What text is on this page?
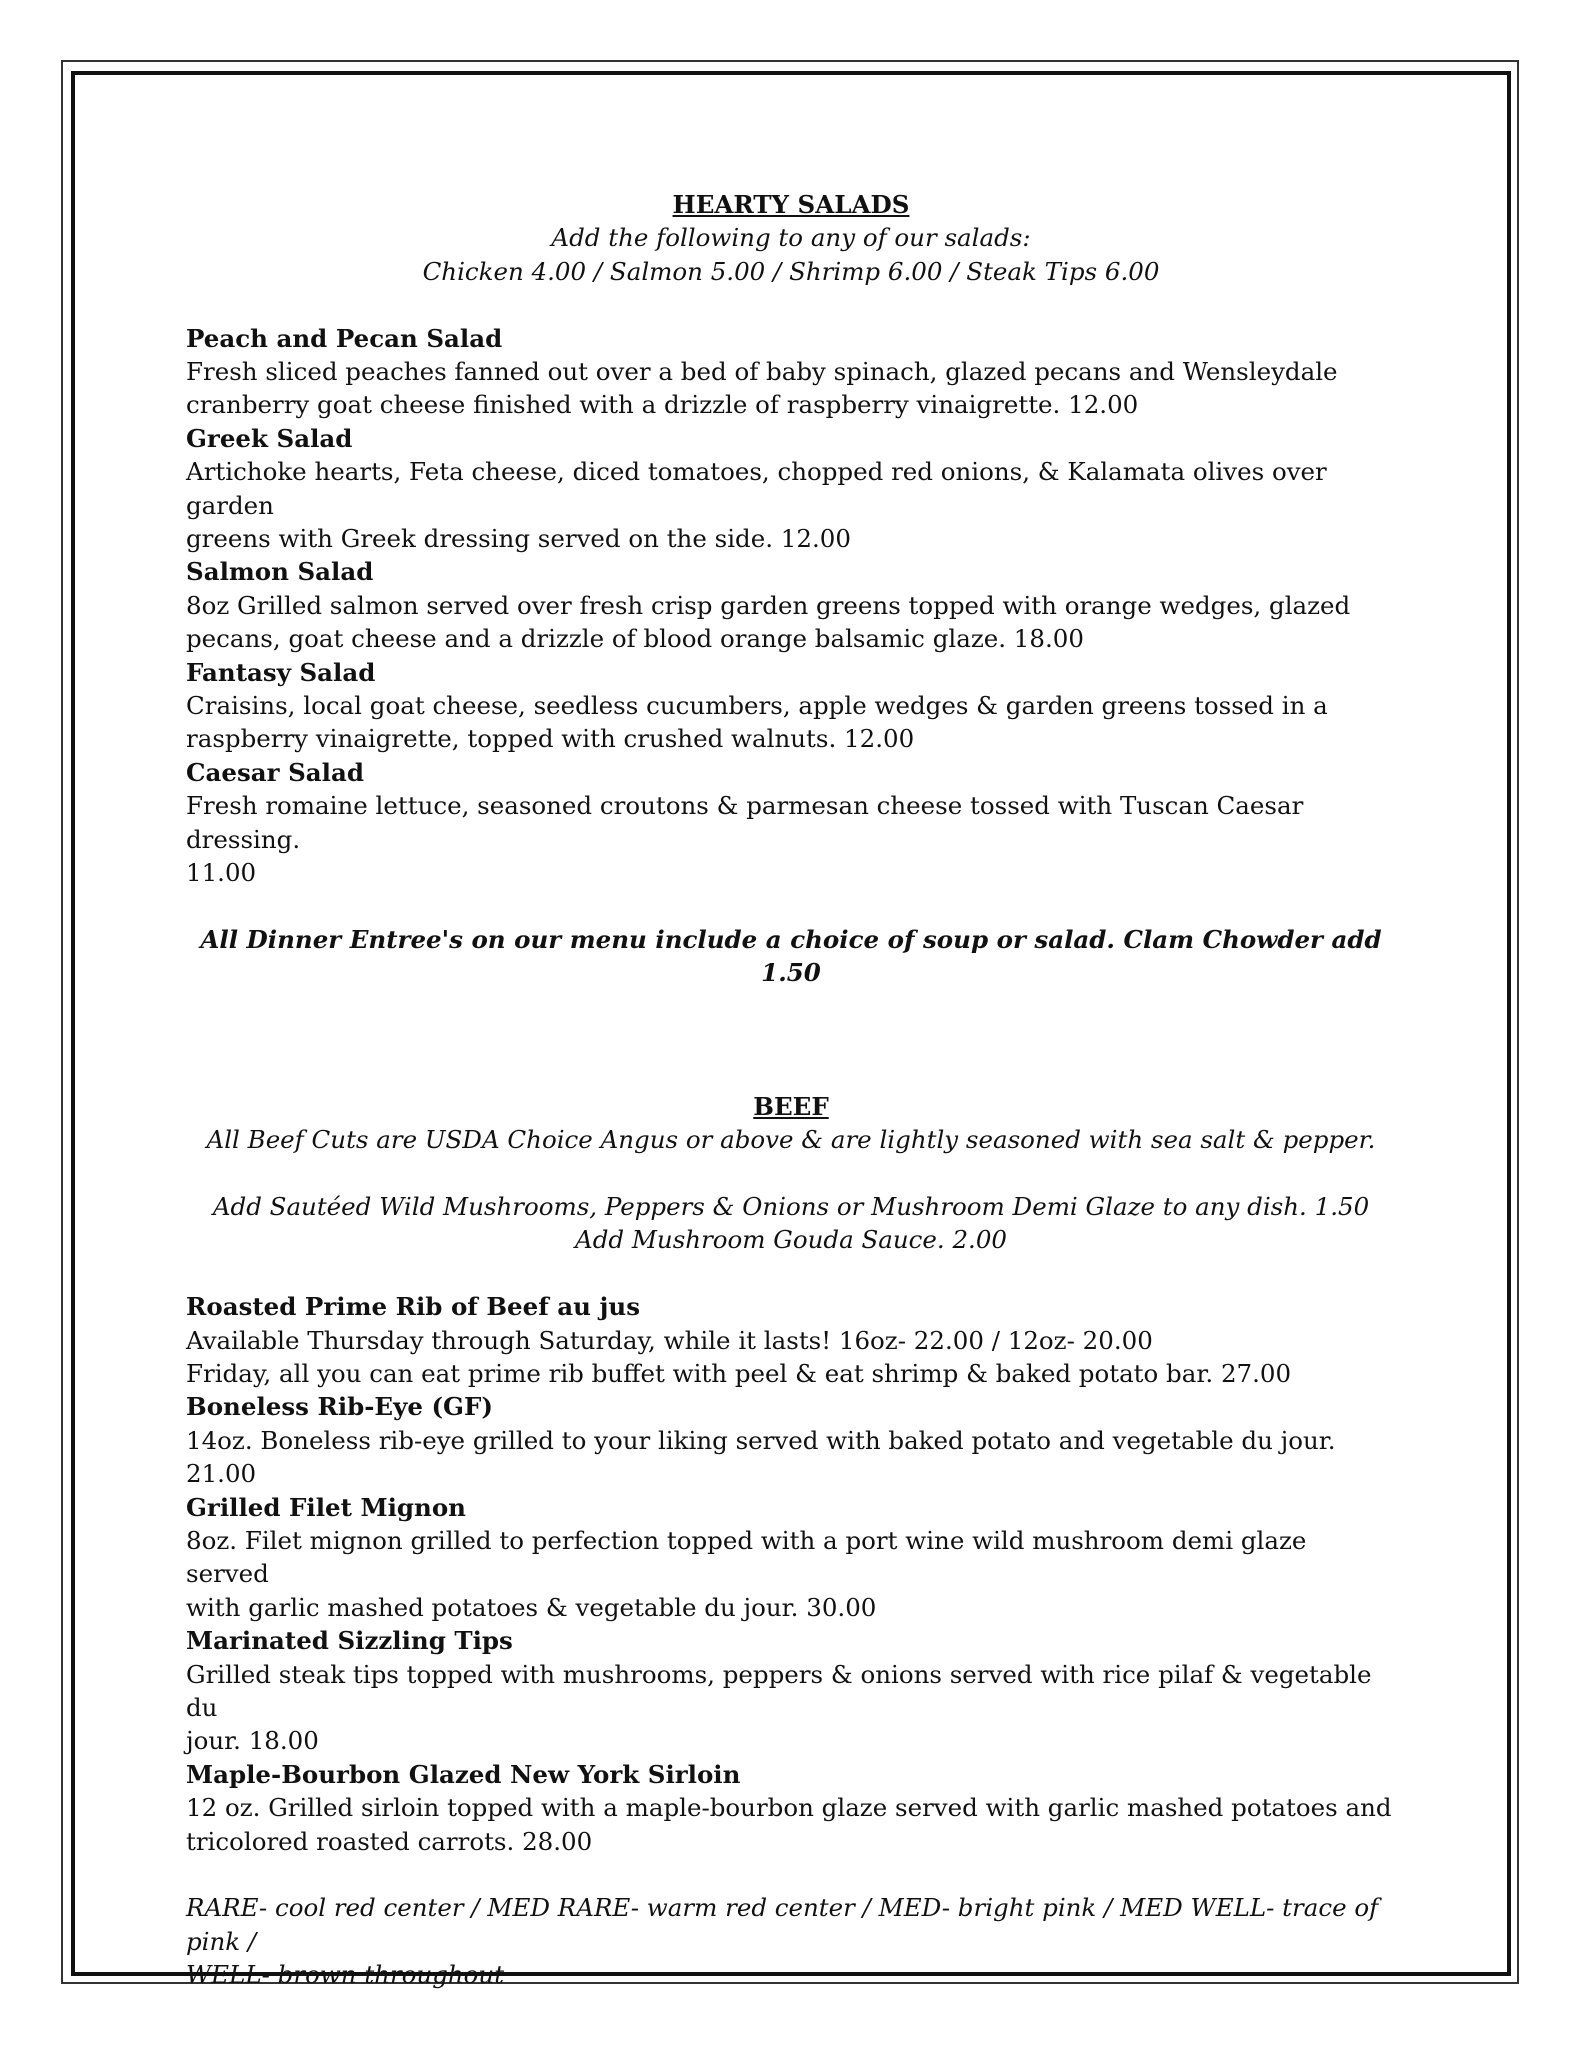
HEARTY SALADS

Add the following to any of our salads:

Chicken 4.00 / Salmon 5.00 / Shrimp 6.00 / Steak Tips 6.00

Peach and Pecan Salad

Fresh sliced peaches fanned out over a bed of baby spinach, glazed pecans and Wensleydale

cranberry goat cheese finished with a drizzle of raspberry vinaigrette. 12.00

Greek Salad

Artichoke hearts, Feta cheese, diced tomatoes, chopped red onions, & Kalamata olives over garden

greens with Greek dressing served on the side. 12.00

Salmon Salad

8oz Grilled salmon served over fresh crisp garden greens topped with orange wedges, glazed

pecans, goat cheese and a drizzle of blood orange balsamic glaze. 18.00

Fantasy Salad

Craisins, local goat cheese, seedless cucumbers, apple wedges & garden greens tossed in a

raspberry vinaigrette, topped with crushed walnuts. 12.00

Caesar Salad

Fresh romaine lettuce, seasoned croutons & parmesan cheese tossed with Tuscan Caesar dressing.

11.00

All Dinner Entree's on our menu include a choice of soup or salad. Clam Chowder add 1.50

BEEF

All Beef Cuts are USDA Choice Angus or above & are lightly seasoned with sea salt & pepper.

Add Sautéed Wild Mushrooms, Peppers & Onions or Mushroom Demi Glaze to any dish. 1.50

Add Mushroom Gouda Sauce. 2.00

Roasted Prime Rib of Beef au jus

Available Thursday through Saturday, while it lasts! 16oz- 22.00 / 12oz- 20.00

Friday, all you can eat prime rib buffet with peel & eat shrimp & baked potato bar. 27.00

Boneless Rib-Eye (GF)

14oz. Boneless rib-eye grilled to your liking served with baked potato and vegetable du jour. 21.00

Grilled Filet Mignon

8oz. Filet mignon grilled to perfection topped with a port wine wild mushroom demi glaze served

with garlic mashed potatoes & vegetable du jour. 30.00

Marinated Sizzling Tips

Grilled steak tips topped with mushrooms, peppers & onions served with rice pilaf & vegetable du

jour. 18.00

Maple-Bourbon Glazed New York Sirloin

12 oz. Grilled sirloin topped with a maple-bourbon glaze served with garlic mashed potatoes and

tricolored roasted carrots. 28.00

RARE- cool red center / MED RARE- warm red center / MED- bright pink / MED WELL- trace of pink /

WELL- brown throughout
